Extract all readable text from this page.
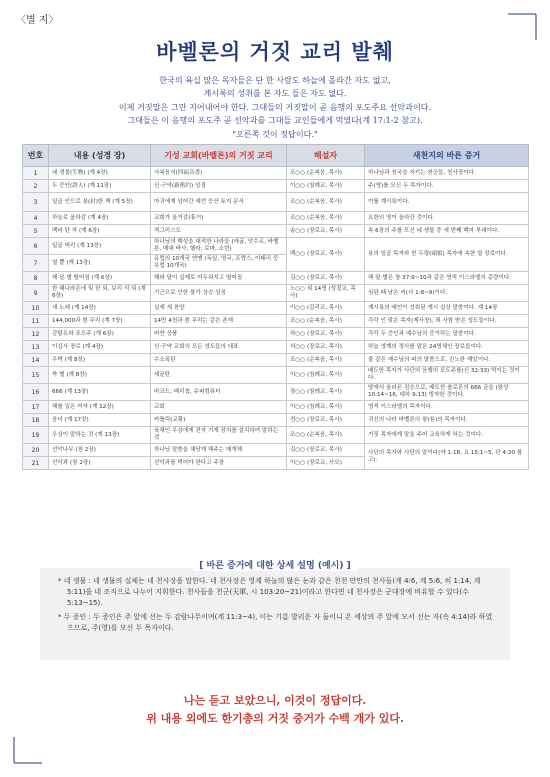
〈별 지〉
바벨론의 거짓 교리 발췌
한국의 육십 많은 목자들은 단 한 사람도 하늘에 올라간 자도 없고,
계시록의 성취를 본 자도 들은 자도 없다.
이제 거짓말은 그만 지어내어야 한다. 그대들의 거짓말이 곧 음행의 포도주요 선악과이다.
그대들은 이 음행의 포도주 곧 선악과를 그대들 교인들에게 먹였다(계 17:1-2 참고).
"오른쪽 것이 정답이다."
번호	내용 (성경 장)	기성 교회(바벨론)의 거짓 교리	해설자	새천지의 바른 증거
1	네 생물(生物) (계 4장)	사복음서(四福音書)	조○○ (순복음, 목사)	하나님과 천국을 지키는 천군들, 천사장이다.
2	두 증인(證人) (계 11장)	신·구약(新舊約) 성경	이○○ (침례교, 목사)	주(영)를 모신 두 목자이다.
3	일곱 인으로 봉(封)한 책 (계 5장)	마귀에게 넘어간 예언 등산 토지 문서	조○○ (순복음, 목사)	이룰 계시록이다.
4	하늘로 올라감 (계 4장)	교회가 올거감(휴거)	조○○ (순복음, 목사)	요한의 영이 올라간 것이다.
5	백마 탄 자 (계 6장)	적그리스도	송○○ (장로교, 목사)	속 6장의 주를 모신 네 생물 중 세 번째 백마 부대이다.
6	일곱 머리 (계 13장)	하나님의 백성을 대적한 나라들 (애굽, 앗수르, 바벨론, 메대 바사, 헬라, 로마, 소련)	백○○ (장로교, 목사)	용의 일곱 목자와 한 두령(頭領) 목자에 속한 열 장로이다.
7	열 뿔 (계 13장)	유럽의 10개국 연맹 (독일, 영국, 프랑스, 이태리 등 유럽 10개국)		
8	해·달·별 떨어짐 (계 6장)	해와 달이 실제로 어두워지고 떨어짐	김○○ (장로교, 목사)	해·달·별은 창 37:9~10과 같은 영적 이스라엘의 총량이다.
9	한 때나라은에 및 한 되, 보리 석 되 (계 6장)	기근으로 인한 물가 상승 상징	노○○ 외 14명 (성결교, 목사)	심판 때 남은 씨(사 1:8~9)이다.
10	새 노래 (계 14장)	실제 새 찬양	이○○ (감리교, 목사)	계시록의 예언이 성취된 계시 실상 말씀이다. 계 14장
11	144,000과 흰 무리 (계 7장)	14만 4천과 흰 무리는 같은 존재	조○○ (순복음, 목사)	각각 인 맞은 목자(제사장), 죄 사함 받은 성도들이다.
12	감람유와 포도주 (계 6장)	비싼 상품	하○○ (장로교, 목사)	각각 두 증인과 예수님의 증거하는 말씀이다.
13	이십사 장로 (계 4장)	신·구약 교회의 모든 성도들의 대표	석○○ (장로교, 목사)	하늘 영계의 정사를 맡은 24명체인 장로들이다.
14	우박 (계 8장)	수소폭탄	조○○ (순복음, 목사)	불 같은 예수님의 피의 말씀으로, 진노한 재앙이다.
15	쑥 별 (계 8장)	세균탄	이○○ (침례교, 목사)	배도한 목자가 사단의 음행의 포도주를(신 32:33) 먹이는 것이다.
16	666 (계 13장)	바코드, 베리칩, 슈퍼컴퓨터	장○○ (침례교, 목사)	땅에서 올라온 짐승으로, 배도한 솔로몬의 666 금을 (왕상 10:14~16, 대하 9:13) 빙자한 것이다.
17	해를 입은 여자 (계 12장)	교회	이○○ (침례교, 목사)	영적 이스라엘의 목자이다.
18	음녀 (계 17장)	카톨릭(교황)	전○○ (장로교, 목사)	귀신의 나라 바벨론의 왕(용)의 목자이다.
19	우상이 말하는 것 (계 13장)	육체인 우상에게 전자 기계 장치를 설치하여 말하는 것	조○○ (순복음, 목사)	거짓 목자에게 말을 주어 교육하게 하는 것이다.
20	선악나무 (창 2장)	하나님 말씀을 채당게 해주는 매개체	김○○ (장로교, 목사)	사단의 목자와 사단의 말이다(약 1:18, 요 15:1~5, 단 4:20 참고).
21	선악과 (창 2장)	선악과를 먹어야 한다고 주장	이○○ (장로교, 사모)	
[ 바른 증거에 대한 상세 설명 (예시) ]

* 네 생물 : 네 생물의 실체는 네 천사장을 말한다. 네 천사장은 영계 하늘의 많은 눈과 같은 천천 만만의 천사들(계 4:6, 계 5:6, 히 1:14, 계 5:11)을 네 조직으로 나누어 지휘한다. 천사들을 천군(天軍, 시 103:20~21)이라고 한다면 네 천사장은 군대장에 비유할 수 있다(수 5:13~15).

* 두 증인 : 두 증인은 주 앞에 선는 두 감람나무이며(계 11:3~4), 이는 기름 발리운 자 둘이니 온 세상의 주 앞에 모서 선는 자(속 4:14)라 하였으므로, 주(영)를 모신 두 목자이다.

나는 듣고 보았으니, 이것이 정답이다.
위 내용 외에도 한기총의 거짓 증거가 수백 개가 있다.
